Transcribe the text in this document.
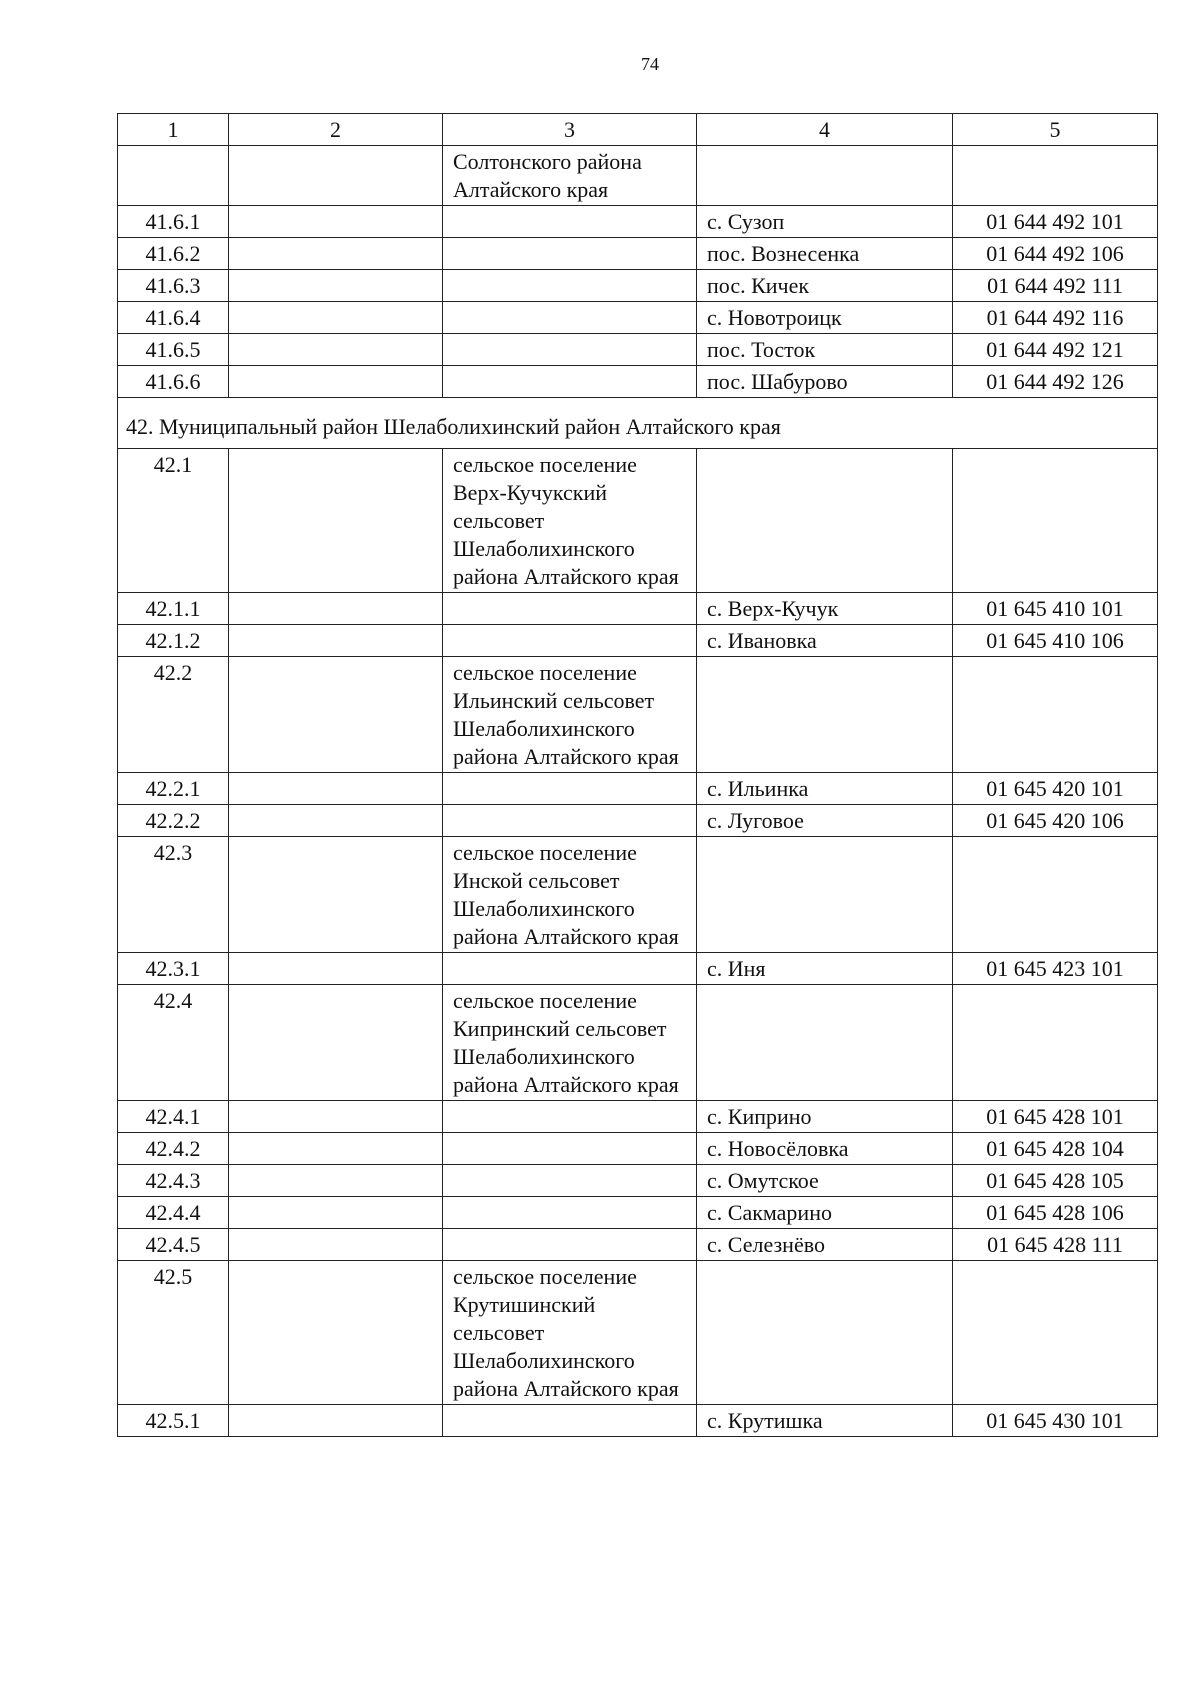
74
1	2	3	4	5
		Солтонского района Алтайского края		
41.6.1			с. Сузоп	01 644 492 101
41.6.2			пос. Вознесенка	01 644 492 106
41.6.3			пос. Кичек	01 644 492 111
41.6.4			с. Новотроицк	01 644 492 116
41.6.5			пос. Тосток	01 644 492 121
41.6.6			пос. Шабурово	01 644 492 126
42. Муниципальный район Шелаболихинский район Алтайского края				
42.1		сельское поселение Верх-Кучукский сельсовет Шелаболихинского района Алтайского края		
42.1.1			с. Верх-Кучук	01 645 410 101
42.1.2			с. Ивановка	01 645 410 106
42.2		сельское поселение Ильинский сельсовет Шелаболихинского района Алтайского края		
42.2.1			с. Ильинка	01 645 420 101
42.2.2			с. Луговое	01 645 420 106
42.3		сельское поселение Инской сельсовет Шелаболихинского района Алтайского края		
42.3.1			с. Иня	01 645 423 101
42.4		сельское поселение Кипринский сельсовет Шелаболихинского района Алтайского края		
42.4.1			с. Киприно	01 645 428 101
42.4.2			с. Новосёловка	01 645 428 104
42.4.3			с. Омутское	01 645 428 105
42.4.4			с. Сакмарино	01 645 428 106
42.4.5			с. Селезнёво	01 645 428 111
42.5		сельское поселение Крутишинский сельсовет Шелаболихинского района Алтайского края		
42.5.1			с. Крутишка	01 645 430 101
